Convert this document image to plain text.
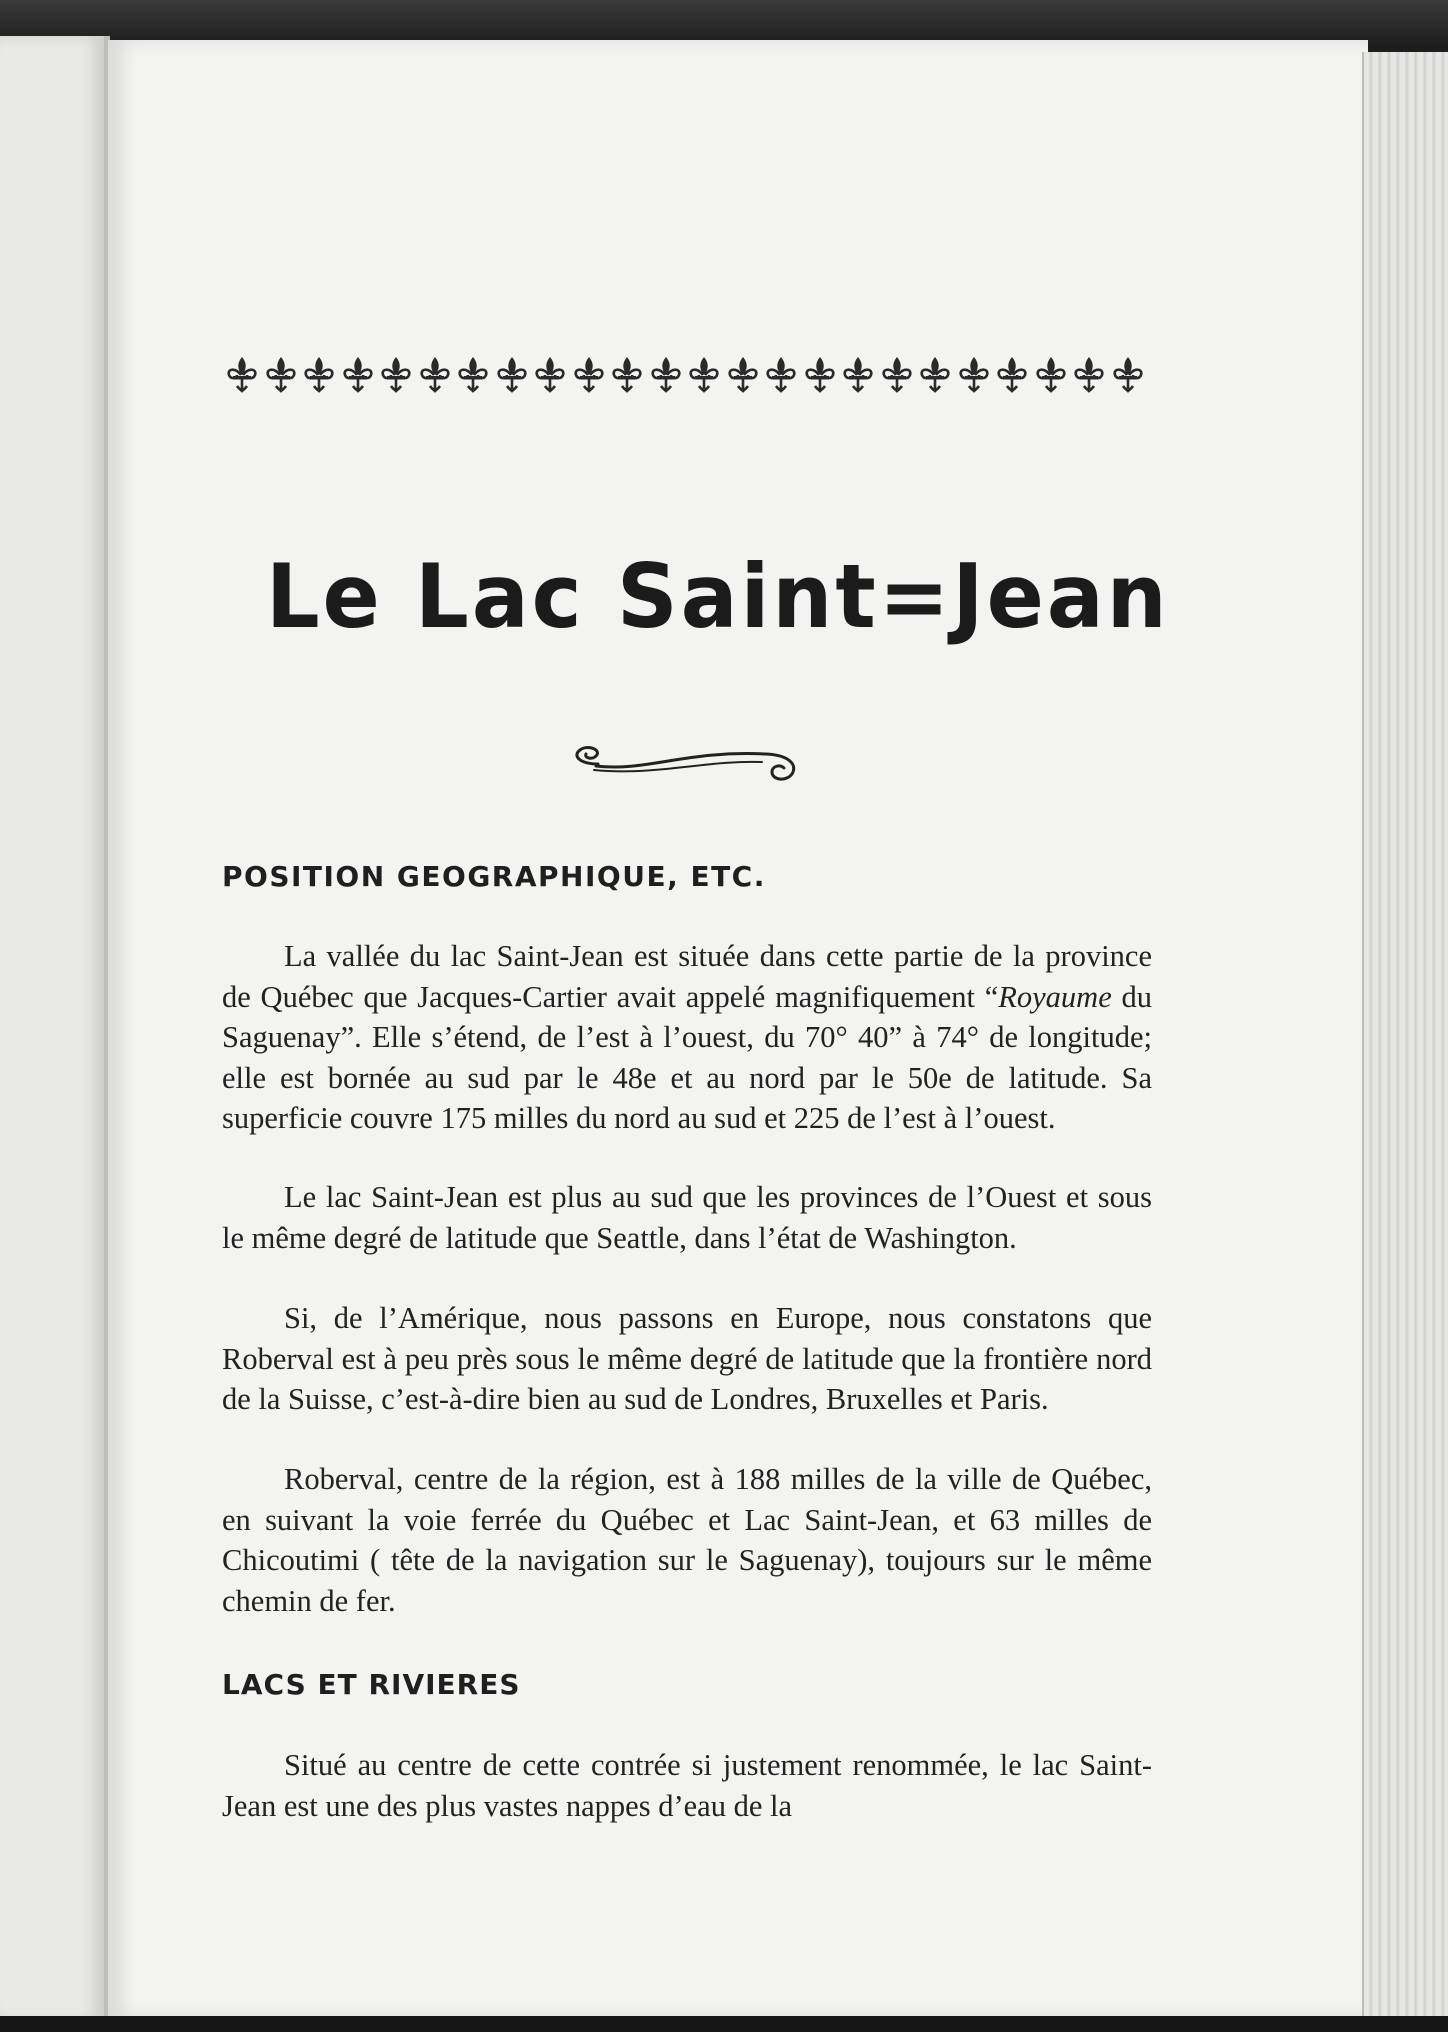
Le Lac Saint=Jean
POSITION GEOGRAPHIQUE, ETC.

La vallée du lac Saint-Jean est située dans cette partie de la province de Québec que Jacques-Cartier avait appelé magnifiquement “Royaume du Saguenay”. Elle s’étend, de l’est à l’ouest, du 70° 40” à 74° de longitude; elle est bornée au sud par le 48e et au nord par le 50e de latitude. Sa superficie couvre 175 milles du nord au sud et 225 de l’est à l’ouest.

Le lac Saint-Jean est plus au sud que les provinces de l’Ouest et sous le même degré de latitude que Seattle, dans l’état de Washington.

Si, de l’Amérique, nous passons en Europe, nous constatons que Roberval est à peu près sous le même degré de latitude que la frontière nord de la Suisse, c’est-à-dire bien au sud de Londres, Bruxelles et Paris.

Roberval, centre de la région, est à 188 milles de la ville de Québec, en suivant la voie ferrée du Québec et Lac Saint-Jean, et 63 milles de Chicoutimi ( tête de la navigation sur le Saguenay), toujours sur le même chemin de fer.

LACS ET RIVIERES

Situé au centre de cette contrée si justement renommée, le lac Saint-Jean est une des plus vastes nappes d’eau de la
